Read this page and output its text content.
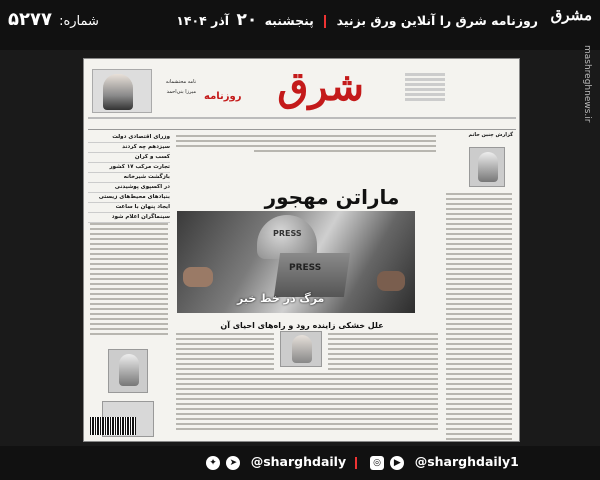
مشرق
روزنامه شرق را آنلاین ورق بزنید  پنجشنبه ۲۰ آذر ۱۴۰۴
شماره: ۵۲۷۷
mashreghnews.ir
نامه محتشمانه
میرزا بنی‌احمد شرق
روزنامه
وزرای اقتصادی دولت
سیزدهم چه کردند
کسب و کران
تجارت مرکب ۱۷ کشور
بازگشت شیرخانه
در اکسپوی پوشیدنی
بنیادهای محیط‌های زیستی
ایجاد پنهان با ساعت
سینماگران اعلام شود
گزارش چنین حاتم
ماراتن مهجور
PRESS
PRESS
مرگ در خط خبر
علل خشکی زاینده رود و راه‌های احیای آن
◎ ▶ @sharghdaily1
✦ ➤ @sharghdaily
